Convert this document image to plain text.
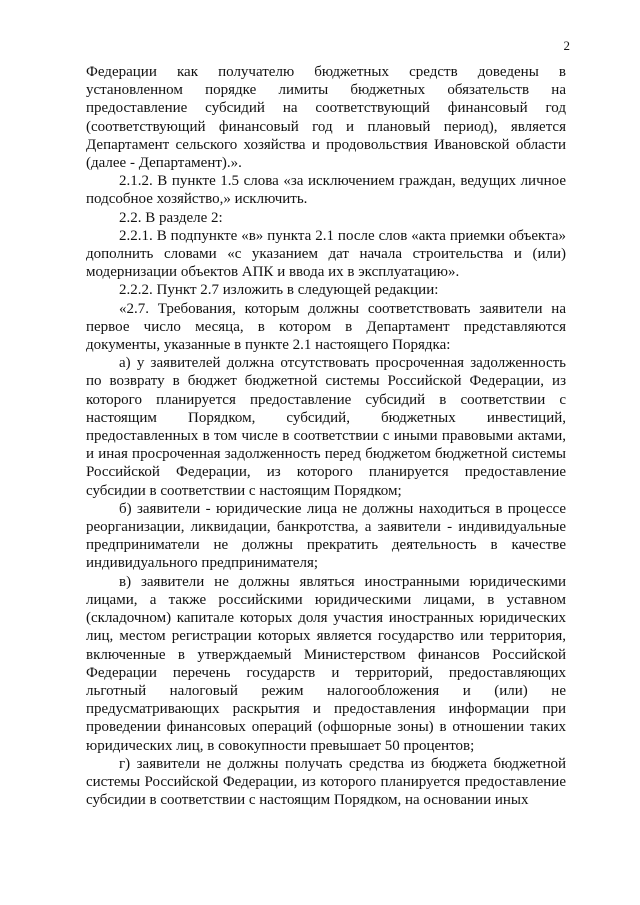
2

Федерации как получателю бюджетных средств доведены в установленном порядке лимиты бюджетных обязательств на предоставление субсидий на соответствующий финансовый год (соответствующий финансовый год и плановый период), является Департамент сельского хозяйства и продовольствия Ивановской области (далее - Департамент).».

2.1.2. В пункте 1.5 слова «за исключением граждан, ведущих личное подсобное хозяйство,» исключить.

2.2. В разделе 2:

2.2.1. В подпункте «в» пункта 2.1 после слов «акта приемки объекта» дополнить словами «с указанием дат начала строительства и (или) модернизации объектов АПК и ввода их в эксплуатацию».

2.2.2. Пункт 2.7 изложить в следующей редакции:

«2.7. Требования, которым должны соответствовать заявители на первое число месяца, в котором в Департамент представляются документы, указанные в пункте 2.1 настоящего Порядка:

а) у заявителей должна отсутствовать просроченная задолженность по возврату в бюджет бюджетной системы Российской Федерации, из которого планируется предоставление субсидий в соответствии с настоящим Порядком, субсидий, бюджетных инвестиций, предоставленных в том числе в соответствии с иными правовыми актами, и иная просроченная задолженность перед бюджетом бюджетной системы Российской Федерации, из которого планируется предоставление субсидии в соответствии с настоящим Порядком;

б) заявители - юридические лица не должны находиться в процессе реорганизации, ликвидации, банкротства, а заявители - индивидуальные предприниматели не должны прекратить деятельность в качестве индивидуального предпринимателя;

в) заявители не должны являться иностранными юридическими лицами, а также российскими юридическими лицами, в уставном (складочном) капитале которых доля участия иностранных юридических лиц, местом регистрации которых является государство или территория, включенные в утверждаемый Министерством финансов Российской Федерации перечень государств и территорий, предоставляющих льготный налоговый режим налогообложения и (или) не предусматривающих раскрытия и предоставления информации при проведении финансовых операций (офшорные зоны) в отношении таких юридических лиц, в совокупности превышает 50 процентов;

г) заявители не должны получать средства из бюджета бюджетной системы Российской Федерации, из которого планируется предоставление субсидии в соответствии с настоящим Порядком, на основании иных
